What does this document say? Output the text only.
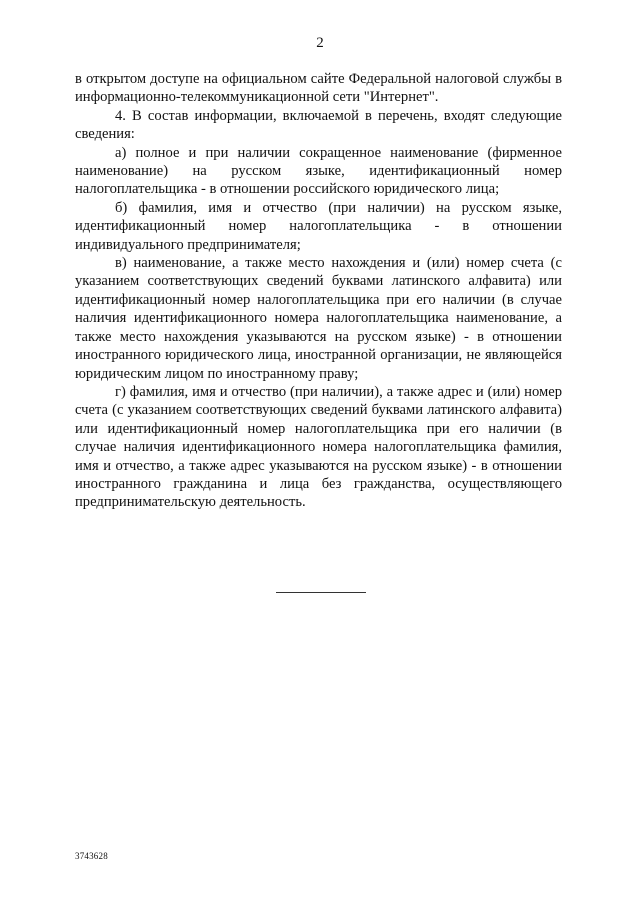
2

в открытом доступе на официальном сайте Федеральной налоговой службы в информационно-телекоммуникационной сети "Интернет".

4. В состав информации, включаемой в перечень, входят следующие сведения:

а) полное и при наличии сокращенное наименование (фирменное наименование) на русском языке, идентификационный номер налогоплательщика - в отношении российского юридического лица;

б) фамилия, имя и отчество (при наличии) на русском языке, идентификационный номер налогоплательщика - в отношении индивидуального предпринимателя;

в) наименование, а также место нахождения и (или) номер счета (с указанием соответствующих сведений буквами латинского алфавита) или идентификационный номер налогоплательщика при его наличии (в случае наличия идентификационного номера налогоплательщика наименование, а также место нахождения указываются на русском языке) - в отношении иностранного юридического лица, иностранной организации, не являющейся юридическим лицом по иностранному праву;

г) фамилия, имя и отчество (при наличии), а также адрес и (или) номер счета (с указанием соответствующих сведений буквами латинского алфавита) или идентификационный номер налогоплательщика при его наличии (в случае наличия идентификационного номера налогоплательщика фамилия, имя и отчество, а также адрес указываются на русском языке) - в отношении иностранного гражданина и лица без гражданства, осуществляющего предпринимательскую деятельность.

3743628
